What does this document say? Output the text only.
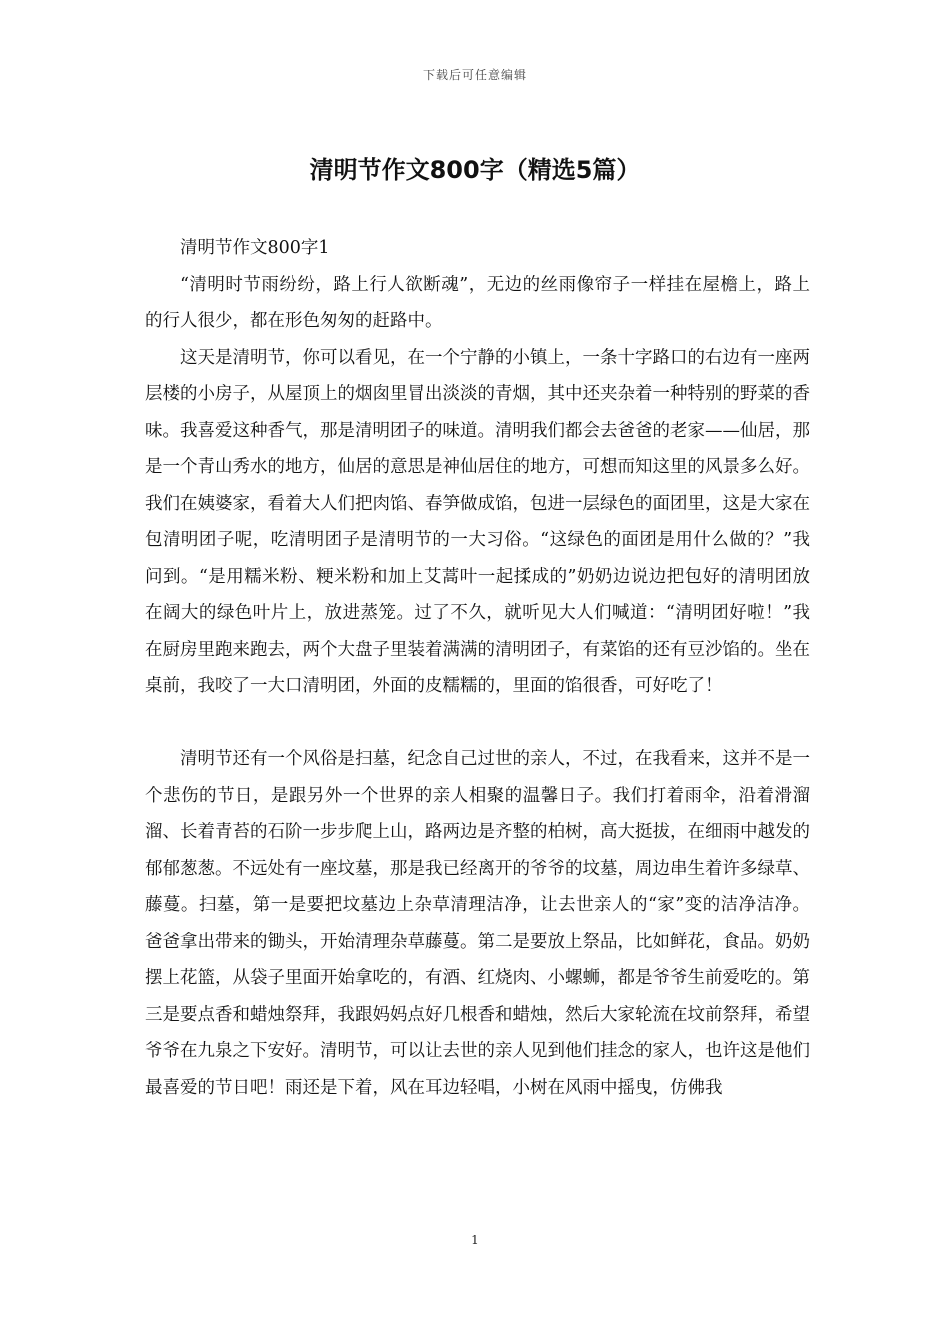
下载后可任意编辑
清明节作文800字（精选5篇）

清明节作文800字1

“清明时节雨纷纷，路上行人欲断魂”，无边的丝雨像帘子一样挂在屋檐上，路上的行人很少，都在形色匆匆的赶路中。

这天是清明节，你可以看见，在一个宁静的小镇上，一条十字路口的右边有一座两层楼的小房子，从屋顶上的烟囱里冒出淡淡的青烟，其中还夹杂着一种特别的野菜的香味。我喜爱这种香气，那是清明团子的味道。清明我们都会去爸爸的老家——仙居，那是一个青山秀水的地方，仙居的意思是神仙居住的地方，可想而知这里的风景多么好。我们在姨婆家，看着大人们把肉馅、春笋做成馅，包进一层绿色的面团里，这是大家在包清明团子呢，吃清明团子是清明节的一大习俗。“这绿色的面团是用什么做的？”我问到。“是用糯米粉、粳米粉和加上艾蒿叶一起揉成的”奶奶边说边把包好的清明团放在阔大的绿色叶片上，放进蒸笼。过了不久，就听见大人们喊道：“清明团好啦！”我在厨房里跑来跑去，两个大盘子里装着满满的清明团子，有菜馅的还有豆沙馅的。坐在桌前，我咬了一大口清明团，外面的皮糯糯的，里面的馅很香，可好吃了！

清明节还有一个风俗是扫墓，纪念自己过世的亲人，不过，在我看来，这并不是一个悲伤的节日，是跟另外一个世界的亲人相聚的温馨日子。我们打着雨伞，沿着滑溜溜、长着青苔的石阶一步步爬上山，路两边是齐整的柏树，高大挺拔，在细雨中越发的郁郁葱葱。不远处有一座坟墓，那是我已经离开的爷爷的坟墓，周边串生着许多绿草、藤蔓。扫墓，第一是要把坟墓边上杂草清理洁净，让去世亲人的“家”变的洁净洁净。爸爸拿出带来的锄头，开始清理杂草藤蔓。第二是要放上祭品，比如鲜花，食品。奶奶摆上花篮，从袋子里面开始拿吃的，有酒、红烧肉、小螺蛳，都是爷爷生前爱吃的。第三是要点香和蜡烛祭拜，我跟妈妈点好几根香和蜡烛，然后大家轮流在坟前祭拜，希望爷爷在九泉之下安好。清明节，可以让去世的亲人见到他们挂念的家人，也许这是他们最喜爱的节日吧！雨还是下着，风在耳边轻唱，小树在风雨中摇曳，仿佛我

1
